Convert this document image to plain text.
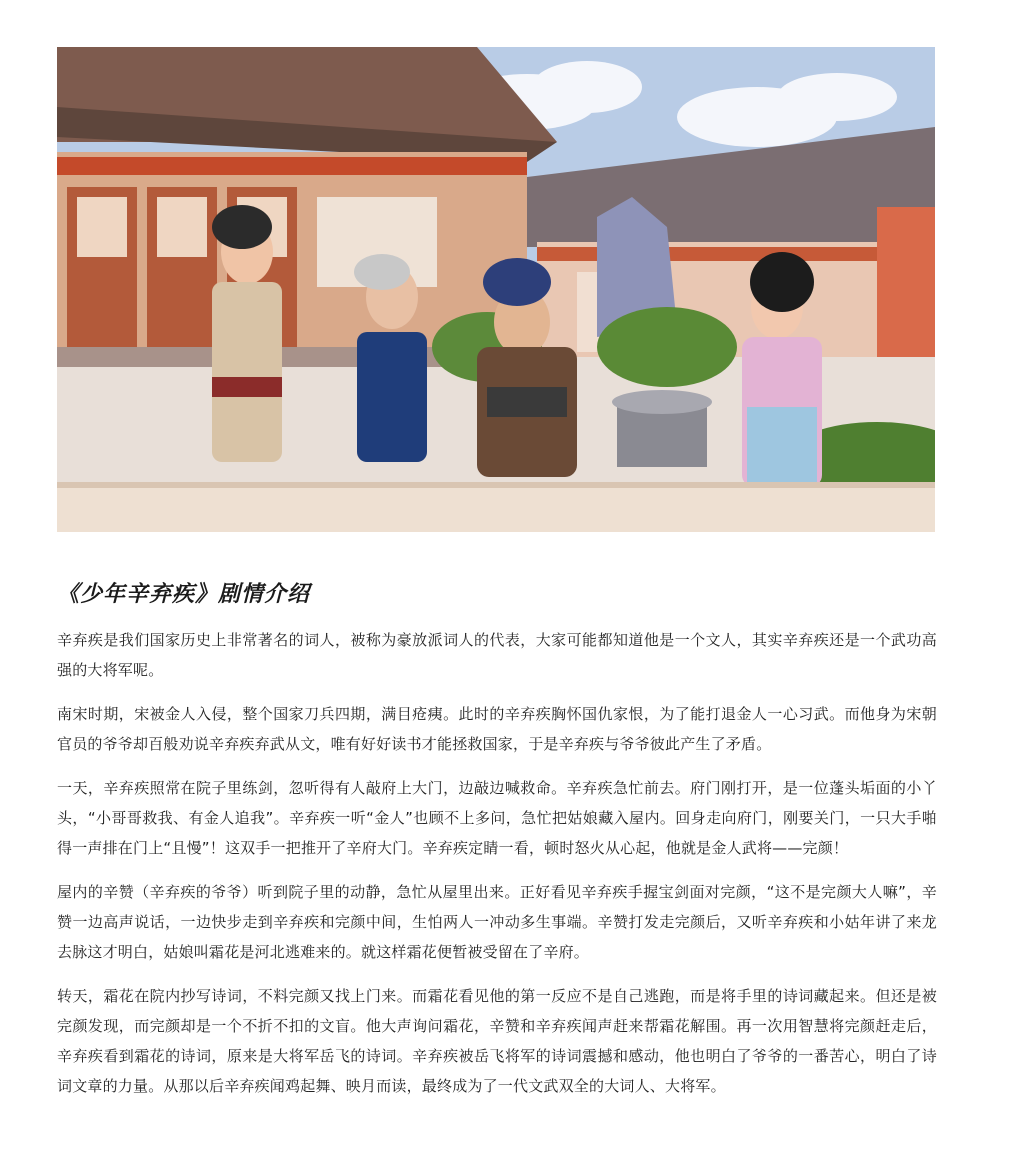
《少年辛弃疾》剧情介绍

辛弃疾是我们国家历史上非常著名的词人，被称为豪放派词人的代表，大家可能都知道他是一个文人，其实辛弃疾还是一个武功高强的大将军呢。

南宋时期，宋被金人入侵，整个国家刀兵四期，满目疮痍。此时的辛弃疾胸怀国仇家恨，为了能打退金人一心习武。而他身为宋朝官员的爷爷却百般劝说辛弃疾弃武从文，唯有好好读书才能拯救国家，于是辛弃疾与爷爷彼此产生了矛盾。

一天，辛弃疾照常在院子里练剑，忽听得有人敲府上大门，边敲边喊救命。辛弃疾急忙前去。府门刚打开，是一位蓬头垢面的小丫头，“小哥哥救我、有金人追我”。辛弃疾一听“金人”也顾不上多问，急忙把姑娘藏入屋内。回身走向府门，刚要关门，一只大手啪得一声排在门上“且慢”！这双手一把推开了辛府大门。辛弃疾定睛一看，顿时怒火从心起，他就是金人武将——完颜！

屋内的辛赞（辛弃疾的爷爷）听到院子里的动静，急忙从屋里出来。正好看见辛弃疾手握宝剑面对完颜，“这不是完颜大人嘛”，辛赞一边高声说话，一边快步走到辛弃疾和完颜中间，生怕两人一冲动多生事端。辛赞打发走完颜后，又听辛弃疾和小姑年讲了来龙去脉这才明白，姑娘叫霜花是河北逃难来的。就这样霜花便暂被受留在了辛府。

转天，霜花在院内抄写诗词，不料完颜又找上门来。而霜花看见他的第一反应不是自己逃跑，而是将手里的诗词藏起来。但还是被完颜发现，而完颜却是一个不折不扣的文盲。他大声询问霜花，辛赞和辛弃疾闻声赶来帮霜花解围。再一次用智慧将完颜赶走后，辛弃疾看到霜花的诗词，原来是大将军岳飞的诗词。辛弃疾被岳飞将军的诗词震撼和感动，他也明白了爷爷的一番苦心，明白了诗词文章的力量。从那以后辛弃疾闻鸡起舞、映月而读，最终成为了一代文武双全的大词人、大将军。
